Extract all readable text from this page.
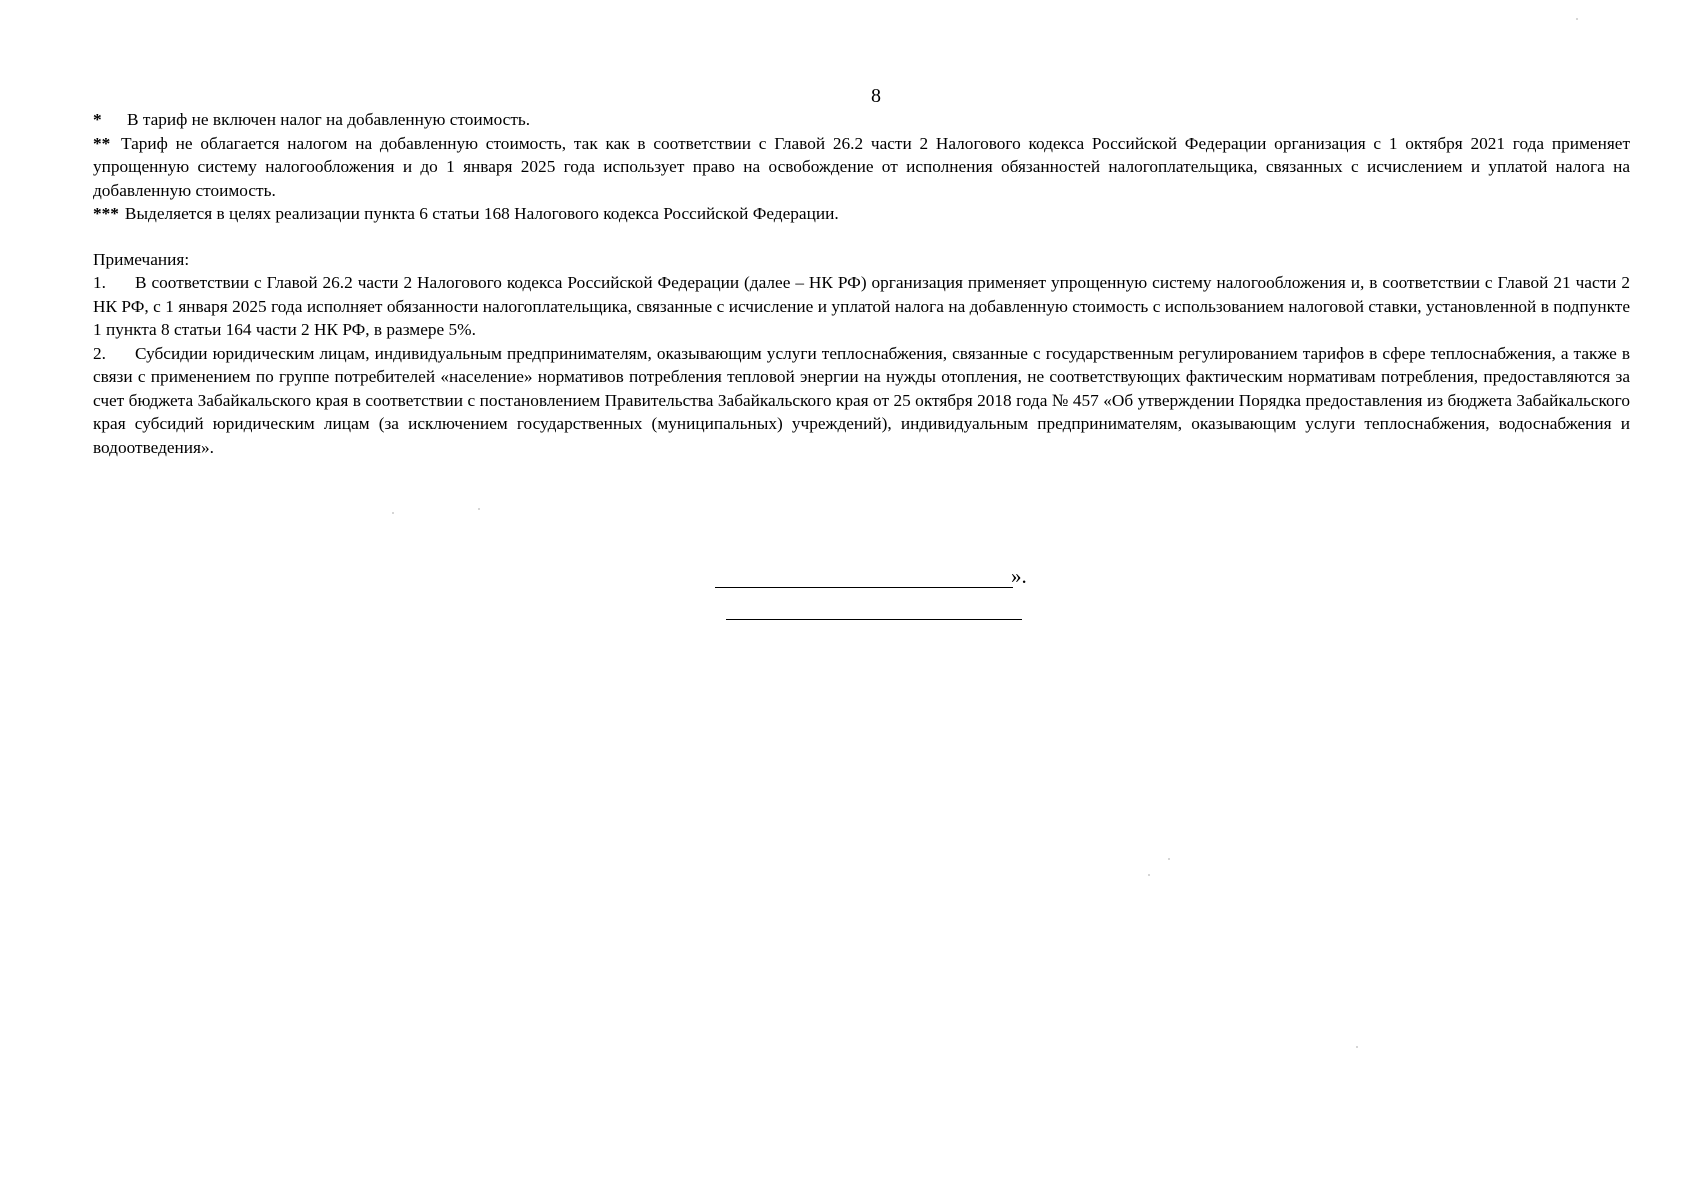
8

* В тариф не включен налог на добавленную стоимость.

** Тариф не облагается налогом на добавленную стоимость, так как в соответствии с Главой 26.2 части 2 Налогового кодекса Российской Федерации организация с 1 октября 2021 года применяет упрощенную систему налогообложения и до 1 января 2025 года использует право на освобождение от исполнения обязанностей налогоплательщика, связанных с исчислением и уплатой налога на добавленную стоимость.

*** Выделяется в целях реализации пункта 6 статьи 168 Налогового кодекса Российской Федерации.

Примечания:

1. В соответствии с Главой 26.2 части 2 Налогового кодекса Российской Федерации (далее – НК РФ) организация применяет упрощенную систему налогообложения и, в соответствии с Главой 21 части 2 НК РФ, с 1 января 2025 года исполняет обязанности налогоплательщика, связанные с исчисление и уплатой налога на добавленную стоимость с использованием налоговой ставки, установленной в подпункте 1 пункта 8 статьи 164 части 2 НК РФ, в размере 5%.

2. Субсидии юридическим лицам, индивидуальным предпринимателям, оказывающим услуги теплоснабжения, связанные с государственным регулированием тарифов в сфере теплоснабжения, а также в связи с применением по группе потребителей «население» нормативов потребления тепловой энергии на нужды отопления, не соответствующих фактическим нормативам потребления, предоставляются за счет бюджета Забайкальского края в соответствии с постановлением Правительства Забайкальского края от 25 октября 2018 года № 457 «Об утверждении Порядка предоставления из бюджета Забайкальского края субсидий юридическим лицам (за исключением государственных (муниципальных) учреждений), индивидуальным предпринимателям, оказывающим услуги теплоснабжения, водоснабжения и водоотведения».

».
